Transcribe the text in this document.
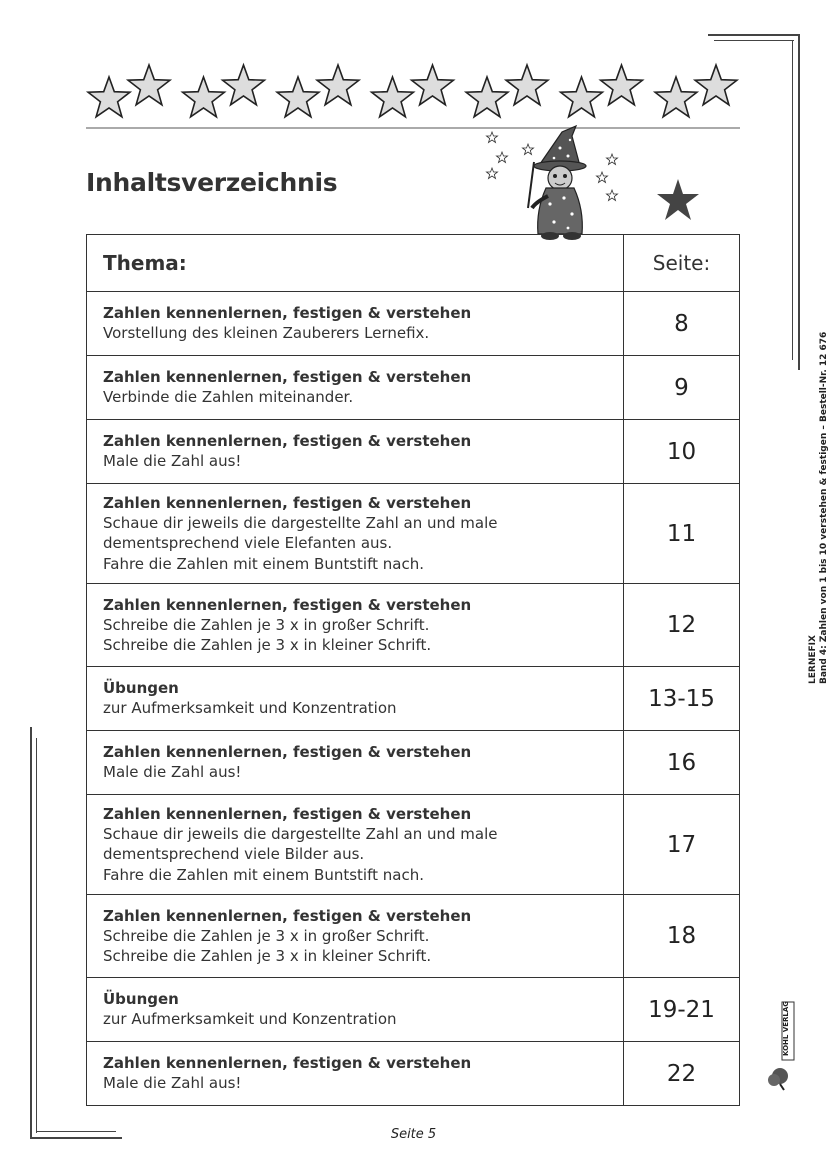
Inhaltsverzeichnis
Thema:	Seite:

Zahlen kennenlernen, festigen & verstehen
Vorstellung des kleinen Zauberers Lernefix.	8

Zahlen kennenlernen, festigen & verstehen
Verbinde die Zahlen miteinander.	9

Zahlen kennenlernen, festigen & verstehen
Male die Zahl aus!	10

Zahlen kennenlernen, festigen & verstehen
Schaue dir jeweils die dargestellte Zahl an und male
dementsprechend viele Elefanten aus.
Fahre die Zahlen mit einem Buntstift nach.	11

Zahlen kennenlernen, festigen & verstehen
Schreibe die Zahlen je 3 x in großer Schrift.
Schreibe die Zahlen je 3 x in kleiner Schrift.	12

Übungen
zur Aufmerksamkeit und Konzentration	13-15

Zahlen kennenlernen, festigen & verstehen
Male die Zahl aus!	16

Zahlen kennenlernen, festigen & verstehen
Schaue dir jeweils die dargestellte Zahl an und male
dementsprechend viele Bilder aus.
Fahre die Zahlen mit einem Buntstift nach.	17

Zahlen kennenlernen, festigen & verstehen
Schreibe die Zahlen je 3 x in großer Schrift.
Schreibe die Zahlen je 3 x in kleiner Schrift.	18

Übungen
zur Aufmerksamkeit und Konzentration	19-21

Zahlen kennenlernen, festigen & verstehen
Male die Zahl aus!	22
LERNEFIX Band 4: Zahlen von 1 bis 10 verstehen & festigen – Bestell-Nr. 12 676
KOHL VERLAG
Seite 5
